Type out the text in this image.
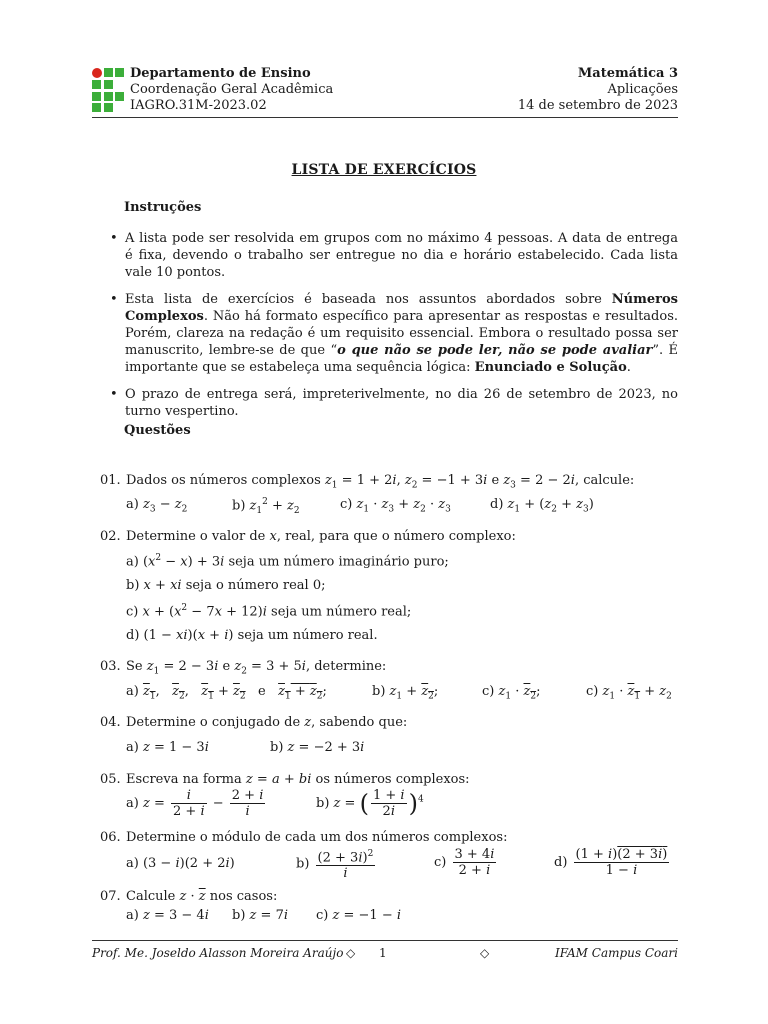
Departamento de Ensino
Coordenação Geral Acadêmica
IAGRO.31M-2023.02
Matemática 3
Aplicações
14 de setembro de 2023
LISTA DE EXERCÍCIOS
Instruções
• A lista pode ser resolvida em grupos com no máximo 4 pessoas. A data de entrega é fixa, devendo o trabalho ser entregue no dia e horário estabelecido. Cada lista vale 10 pontos.
• Esta lista de exercícios é baseada nos assuntos abordados sobre Números Complexos. Não há formato específico para apresentar as respostas e resultados. Porém, clareza na redação é um requisito essencial. Embora o resultado possa ser manuscrito, lembre-se de que “o que não se pode ler, não se pode avaliar”. É importante que se estabeleça uma sequência lógica: Enunciado e Solução.
• O prazo de entrega será, impreterivelmente, no dia 26 de setembro de 2023, no turno vespertino.
Questões
01. Dados os números complexos $z_1 = 1 + 2i$, $z_2 = -1 + 3i$ e $z_3 = 2 - 2i$, calcule:
a) $z_3 - z_2$	b) $z_1^2 + z_2$	c) $z_1 \cdot z_3 + z_2 \cdot z_3$	d) $z_1 + (z_2 + z_3)$
02. Determine o valor de x, real, para que o número complexo:
a) $(x^2 - x) + 3i$ seja um número imaginário puro;
b) x + xi seja o número real 0;
c) $x + (x^2 - 7x + 12)i$ seja um número real;
d) (1 − xi)(x + i) seja um número real.
03. Se $z_1 = 2 - 3i$ e $z_2 = 3 + 5i$, determine:
a) $z_1$,   $z_2$,   $z_1 + z_2$ e $z_1 + z_2$;	b) $z_1 + z_2$;	c) $z_1 \cdot z_2$;	c) $z_1 \cdot z_1 + z_2$
04. Determine o conjugado de z, sabendo que:
a) z = 1 − 3i	b) z = −2 + 3i
05. Escreva na forma z = a + bi os números complexos:
a) $z = \frac{i}{2 + i} - \frac{2 + i}{i}$	b) z = ( $\frac{1 + i}{2i} )^4$
06. Determine o módulo de cada um dos números complexos:
a) (3 − i)(2 + 2i)	$b) \frac{(2 + 3i)^2}{i}$	$c) \frac{3 + 4i}{2 + i}$	$d) \frac{(1 + i)(2 + 3i)}{1 - i}$
07. Calcule $z \cdot \overline{z}$ nos casos:
a) z = 3 − 4i b) z = 7i c) z = −1 − i
Prof. Me. Joseldo Alasson Moreira Araújo ◇ 1	◇	IFAM Campus Coari
